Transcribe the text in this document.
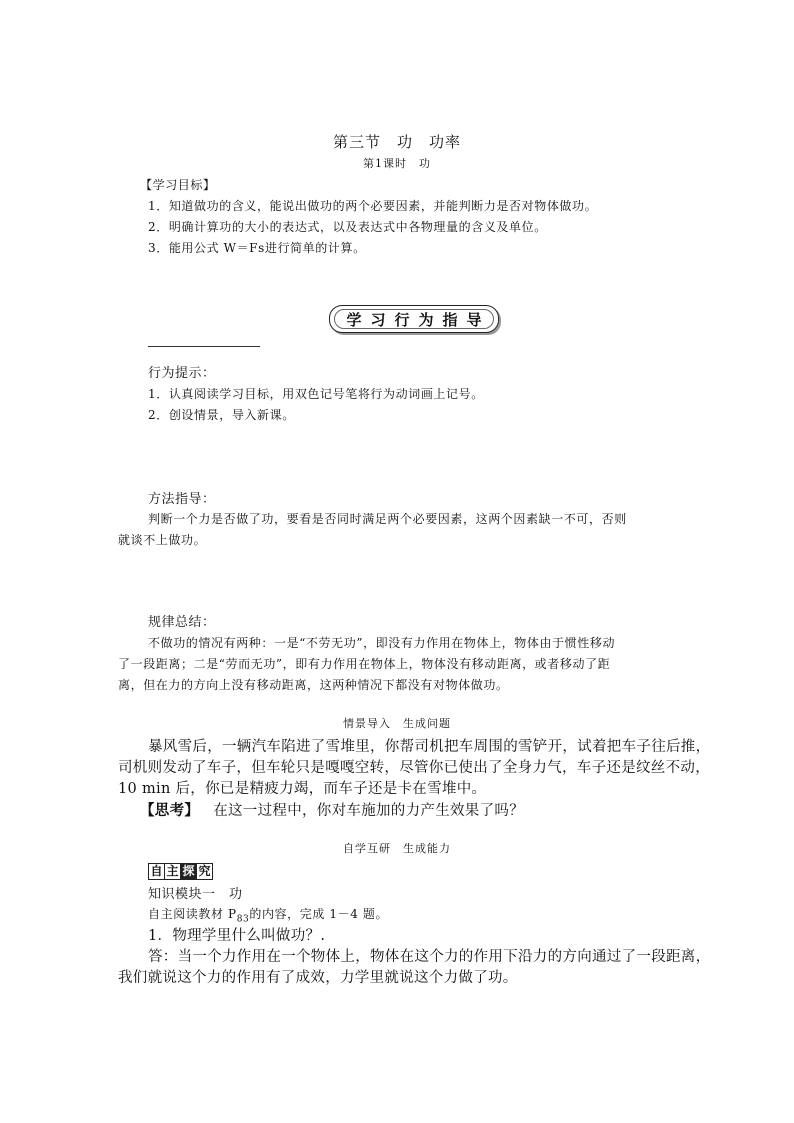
第三节　功　功率
第1课时　功
【学习目标】
1．知道做功的含义，能说出做功的两个必要因素，并能判断力是否对物体做功。
2．明确计算功的大小的表达式，以及表达式中各物理量的含义及单位。
3．能用公式 W＝Fs进行简单的计算。
学习行为指导
行为提示：
1．认真阅读学习目标，用双色记号笔将行为动词画上记号。
2．创设情景，导入新课。
方法指导：
判断一个力是否做了功，要看是否同时满足两个必要因素，这两个因素缺一不可，否则
就谈不上做功。
规律总结：
不做功的情况有两种：一是“不劳无功”，即没有力作用在物体上，物体由于惯性移动
了一段距离；二是“劳而无功”，即有力作用在物体上，物体没有移动距离，或者移动了距
离，但在力的方向上没有移动距离，这两种情况下都没有对物体做功。
情景导入　生成问题
暴风雪后，一辆汽车陷进了雪堆里，你帮司机把车周围的雪铲开，试着把车子往后推，
司机则发动了车子，但车轮只是嘎嘎空转，尽管你已使出了全身力气，车子还是纹丝不动，
10 min 后，你已是精疲力竭，而车子还是卡在雪堆中。
【思考】 在这一过程中，你对车施加的力产生效果了吗？
自学互研　生成能力
自 主 探 究
知识模块一　功
自主阅读教材 $P_{83}$的内容，完成 1－4 题。
1．物理学里什么叫做功？.
答：当一个力作用在一个物体上，物体在这个力的作用下沿力的方向通过了一段距离，
我们就说这个力的作用有了成效，力学里就说这个力做了功。
